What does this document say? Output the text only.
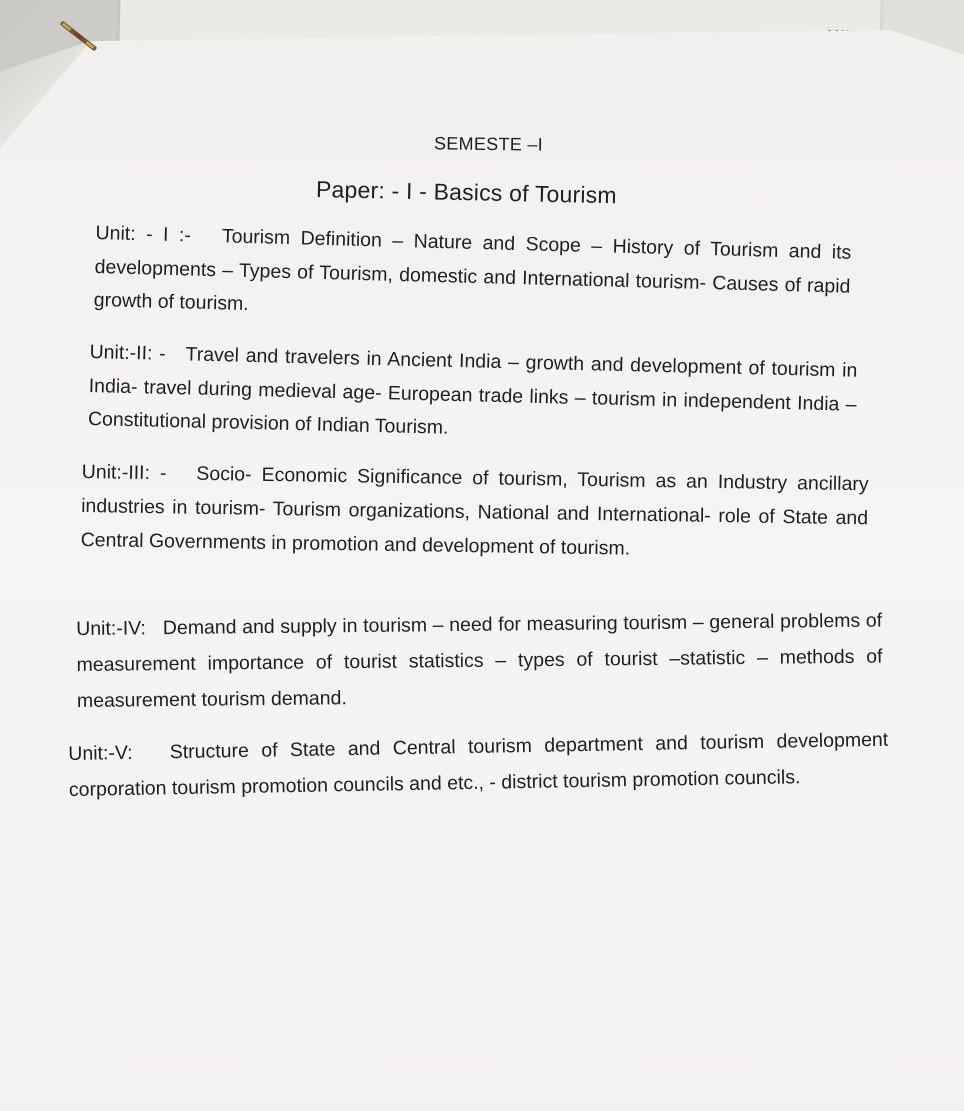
SEMESTE –I
Paper: - I - Basics of Tourism
Unit: - I :-   Tourism Definition – Nature and Scope – History of Tourism and its developments – Types of Tourism, domestic and International tourism- Causes of rapid growth of tourism.
Unit:-II: -   Travel and travelers in Ancient India – growth and development of tourism in India- travel during medieval age- European trade links – tourism in independent India – Constitutional provision of Indian Tourism.
Unit:-III: -   Socio- Economic Significance of tourism, Tourism as an Industry ancillary industries in tourism- Tourism organizations, National and International- role of State and Central Governments in promotion and development of tourism.
Unit:-IV:   Demand and supply in tourism – need for measuring tourism – general problems of measurement importance of tourist statistics – types of tourist –statistic – methods of measurement tourism demand.
Unit:-V:   Structure of State and Central tourism department and tourism development corporation tourism promotion councils and etc., - district tourism promotion councils.
